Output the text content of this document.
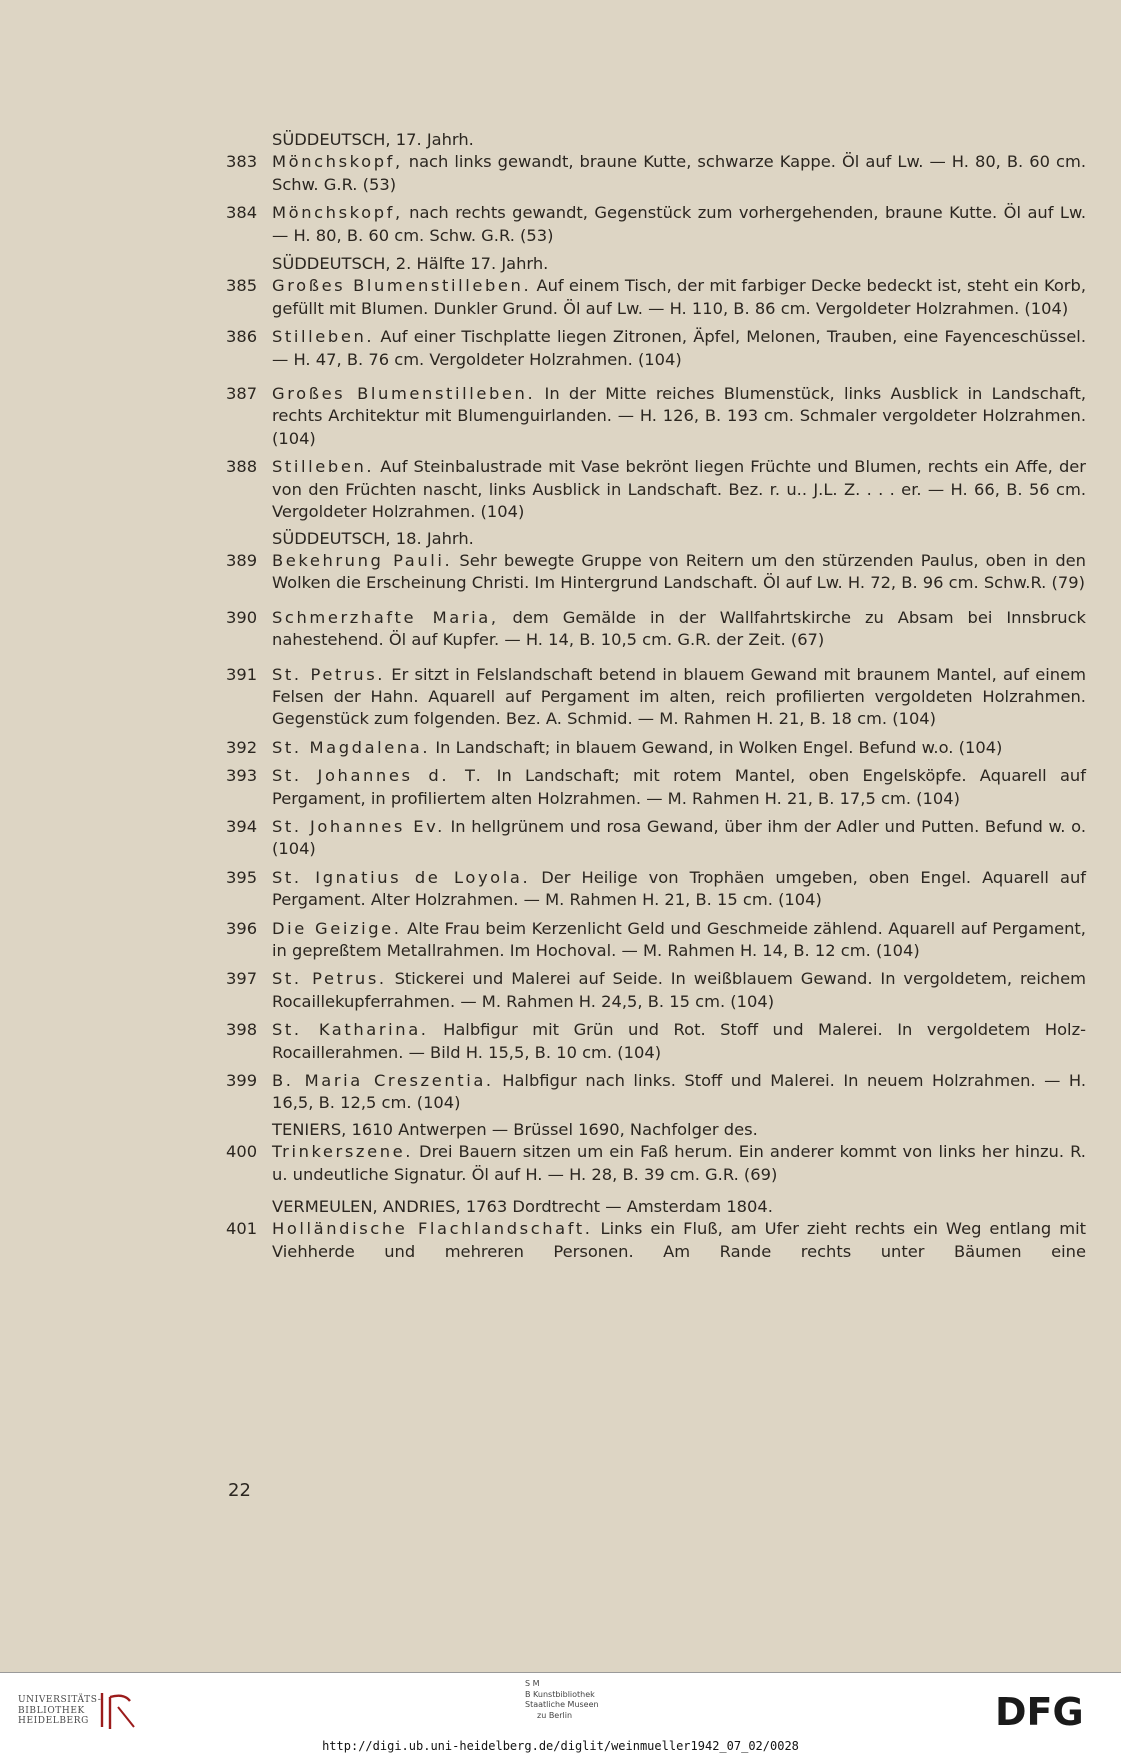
SÜDDEUTSCH, 17. Jahrh.
383 Mönchskopf, nach links gewandt, braune Kutte, schwarze Kappe. Öl auf Lw. — H. 80, B. 60 cm. Schw. G.R. (53)
384 Mönchskopf, nach rechts gewandt, Gegenstück zum vorhergehenden, braune Kutte. Öl auf Lw. — H. 80, B. 60 cm. Schw. G.R. (53)
SÜDDEUTSCH, 2. Hälfte 17. Jahrh.
385 Großes Blumenstilleben. Auf einem Tisch, der mit farbiger Decke bedeckt ist, steht ein Korb, gefüllt mit Blumen. Dunkler Grund. Öl auf Lw. — H. 110, B. 86 cm. Vergoldeter Holzrahmen. (104)
386 Stilleben. Auf einer Tischplatte liegen Zitronen, Äpfel, Melonen, Trauben, eine Fayenceschüssel. — H. 47, B. 76 cm. Vergoldeter Holzrahmen. (104)
387 Großes Blumenstilleben. In der Mitte reiches Blumenstück, links Ausblick in Landschaft, rechts Architektur mit Blumenguirlanden. — H. 126, B. 193 cm. Schmaler vergoldeter Holzrahmen. (104)
388 Stilleben. Auf Steinbalustrade mit Vase bekrönt liegen Früchte und Blumen, rechts ein Affe, der von den Früchten nascht, links Ausblick in Landschaft. Bez. r. u.. J.L. Z. . . . er. — H. 66, B. 56 cm. Vergoldeter Holzrahmen. (104)
SÜDDEUTSCH, 18. Jahrh.
389 Bekehrung Pauli. Sehr bewegte Gruppe von Reitern um den stürzenden Paulus, oben in den Wolken die Erscheinung Christi. Im Hintergrund Landschaft. Öl auf Lw. H. 72, B. 96 cm. Schw.R. (79)
390 Schmerzhafte Maria, dem Gemälde in der Wallfahrtskirche zu Absam bei Innsbruck nahestehend. Öl auf Kupfer. — H. 14, B. 10,5 cm. G.R. der Zeit. (67)
391 St. Petrus. Er sitzt in Felslandschaft betend in blauem Gewand mit braunem Mantel, auf einem Felsen der Hahn. Aquarell auf Pergament im alten, reich profilierten vergoldeten Holzrahmen. Gegenstück zum folgenden. Bez. A. Schmid. — M. Rahmen H. 21, B. 18 cm. (104)
392 St. Magdalena. In Landschaft; in blauem Gewand, in Wolken Engel. Befund w.o. (104)
393 St. Johannes d. T. In Landschaft; mit rotem Mantel, oben Engelsköpfe. Aquarell auf Pergament, in profiliertem alten Holzrahmen. — M. Rahmen H. 21, B. 17,5 cm. (104)
394 St. Johannes Ev. In hellgrünem und rosa Gewand, über ihm der Adler und Putten. Befund w. o. (104)
395 St. Ignatius de Loyola. Der Heilige von Trophäen umgeben, oben Engel. Aquarell auf Pergament. Alter Holzrahmen. — M. Rahmen H. 21, B. 15 cm. (104)
396 Die Geizige. Alte Frau beim Kerzenlicht Geld und Geschmeide zählend. Aquarell auf Pergament, in gepreßtem Metallrahmen. Im Hochoval. — M. Rahmen H. 14, B. 12 cm. (104)
397 St. Petrus. Stickerei und Malerei auf Seide. In weißblauem Gewand. In vergoldetem, reichem Rocaillekupferrahmen. — M. Rahmen H. 24,5, B. 15 cm. (104)
398 St. Katharina. Halbfigur mit Grün und Rot. Stoff und Malerei. In vergoldetem Holz-Rocaillerahmen. — Bild H. 15,5, B. 10 cm. (104)
399 B. Maria Creszentia. Halbfigur nach links. Stoff und Malerei. In neuem Holzrahmen. — H. 16,5, B. 12,5 cm. (104)
TENIERS, 1610 Antwerpen — Brüssel 1690, Nachfolger des.
400 Trinkerszene. Drei Bauern sitzen um ein Faß herum. Ein anderer kommt von links her hinzu. R. u. undeutliche Signatur. Öl auf H. — H. 28, B. 39 cm. G.R. (69)
VERMEULEN, ANDRIES, 1763 Dordtrecht — Amsterdam 1804.
401 Holländische Flachlandschaft. Links ein Fluß, am Ufer zieht rechts ein Weg entlang mit Viehherde und mehreren Personen. Am Rande rechts unter Bäumen eine
22
UNIVERSITÄTS-
BIBLIOTHEK
HEIDELBERG
S M
B Kunstbibliothek
Staatliche Museen
zu Berlin	DFG
http://digi.ub.uni-heidelberg.de/diglit/weinmueller1942_07_02/0028
